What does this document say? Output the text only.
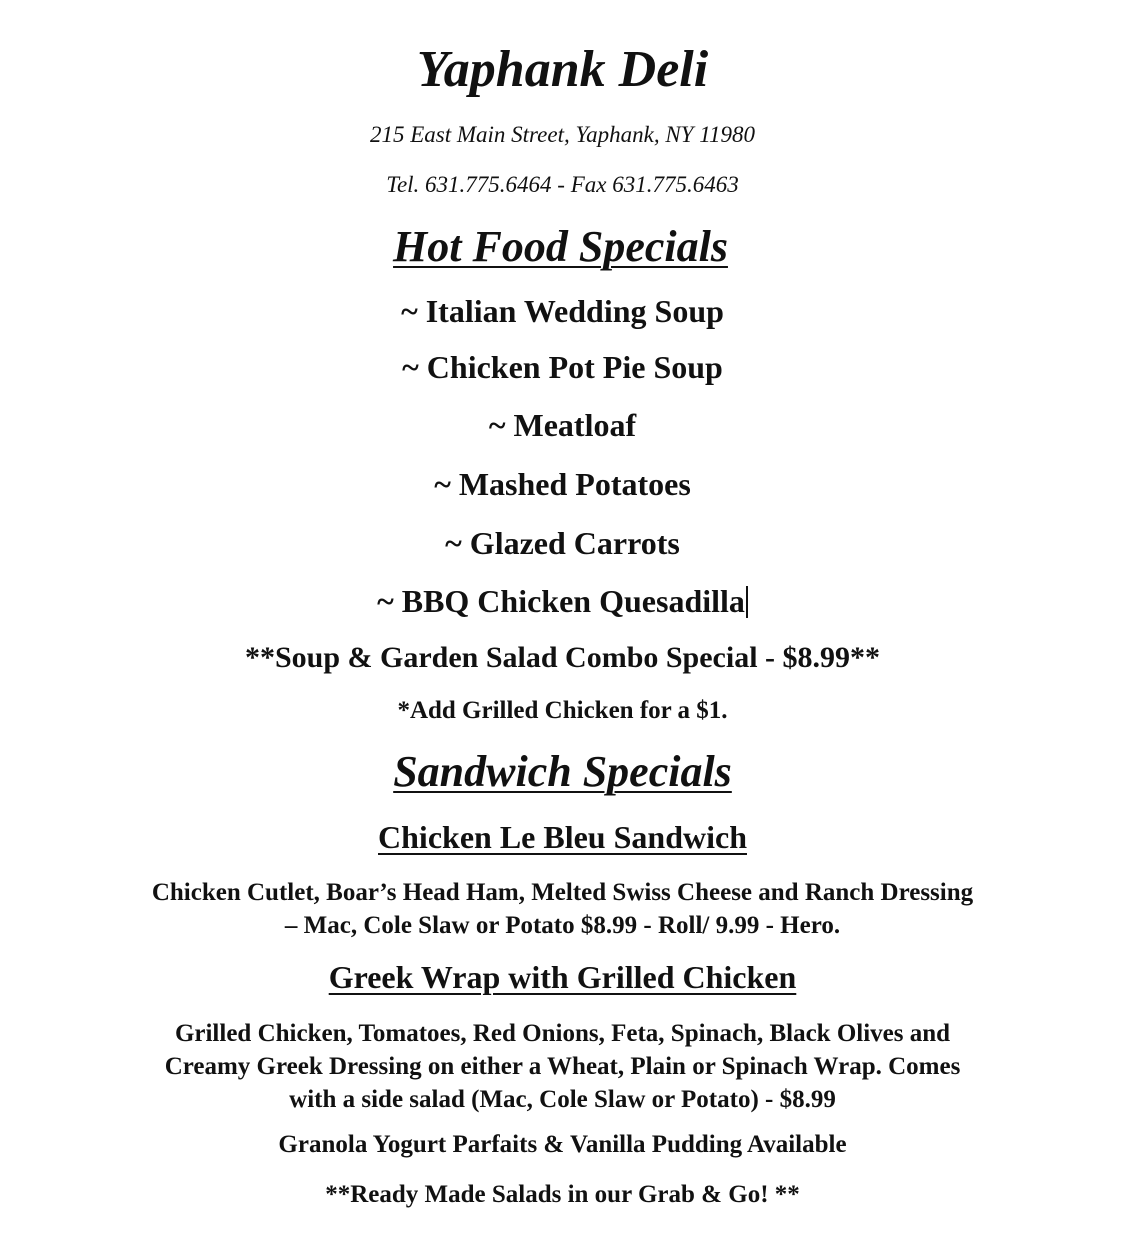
Yaphank Deli
215 East Main Street, Yaphank, NY 11980
Tel. 631.775.6464 - Fax 631.775.6463
Hot Food Specials
~ Italian Wedding Soup
~ Chicken Pot Pie Soup
~ Meatloaf
~ Mashed Potatoes
~ Glazed Carrots
~ BBQ Chicken Quesadilla
**Soup & Garden Salad Combo Special - $8.99**
*Add Grilled Chicken for a $1.
Sandwich Specials
Chicken Le Bleu Sandwich
Chicken Cutlet, Boar’s Head Ham, Melted Swiss Cheese and Ranch Dressing
– Mac, Cole Slaw or Potato $8.99 - Roll/ 9.99 - Hero.
Greek Wrap with Grilled Chicken
Grilled Chicken, Tomatoes, Red Onions, Feta, Spinach, Black Olives and
Creamy Greek Dressing on either a Wheat, Plain or Spinach Wrap. Comes
with a side salad (Mac, Cole Slaw or Potato) - $8.99
Granola Yogurt Parfaits & Vanilla Pudding Available
**Ready Made Salads in our Grab & Go! **
